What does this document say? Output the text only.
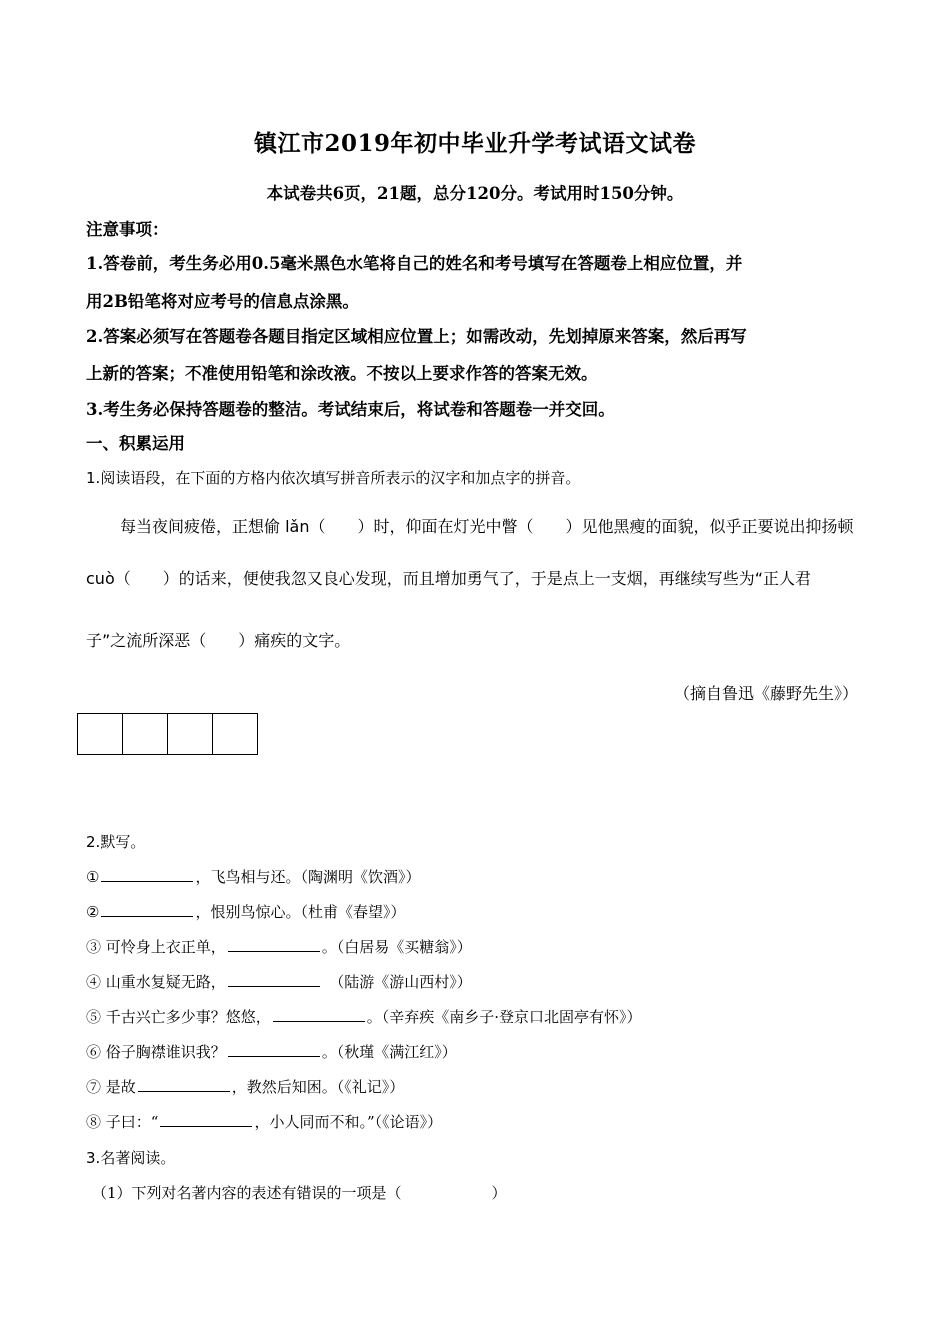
镇江市2019年初中毕业升学考试语文试卷
本试卷共6页，21题，总分120分。考试用时150分钟。
注意事项：
1.答卷前，考生务必用0.5毫米黑色水笔将自己的姓名和考号填写在答题卷上相应位置，并
用2B铅笔将对应考号的信息点涂黑。
2.答案必须写在答题卷各题目指定区域相应位置上；如需改动，先划掉原来答案，然后再写
上新的答案；不准使用铅笔和涂改液。不按以上要求作答的答案无效。
3.考生务必保持答题卷的整洁。考试结束后，将试卷和答题卷一并交回。
一、积累运用
1.阅读语段，在下面的方格内依次填写拼音所表示的汉字和加点字的拼音。
每当夜间疲倦，正想偷 lǎn（　　）时，仰面在灯光中瞥（　　）见他黑瘦的面貌，似乎正要说出抑扬顿
cuò（　　）的话来，便使我忽又良心发现，而且增加勇气了，于是点上一支烟，再继续写些为“正人君
子”之流所深恶（　　）痛疾的文字。
（摘自鲁迅《藤野先生》）
2.默写。
①	，飞鸟相与还。（陶渊明《饮酒》）
②	，恨别鸟惊心。（杜甫《春望》）
③ 可怜身上衣正单，	。（白居易《买糖翁》）
④ 山重水复疑无路，	　（陆游《游山西村》）
⑤ 千古兴亡多少事？悠悠，	。（辛弃疾《南乡子·登京口北固亭有怀》）
⑥ 俗子胸襟谁识我？	。（秋瑾《满江红》）
⑦ 是故	，教然后知困。（《礼记》）
⑧ 子曰：“	，小人同而不和。”（《论语》）
3.名著阅读。
（1）下列对名著内容的表述有错误的一项是（　　　　　　）
